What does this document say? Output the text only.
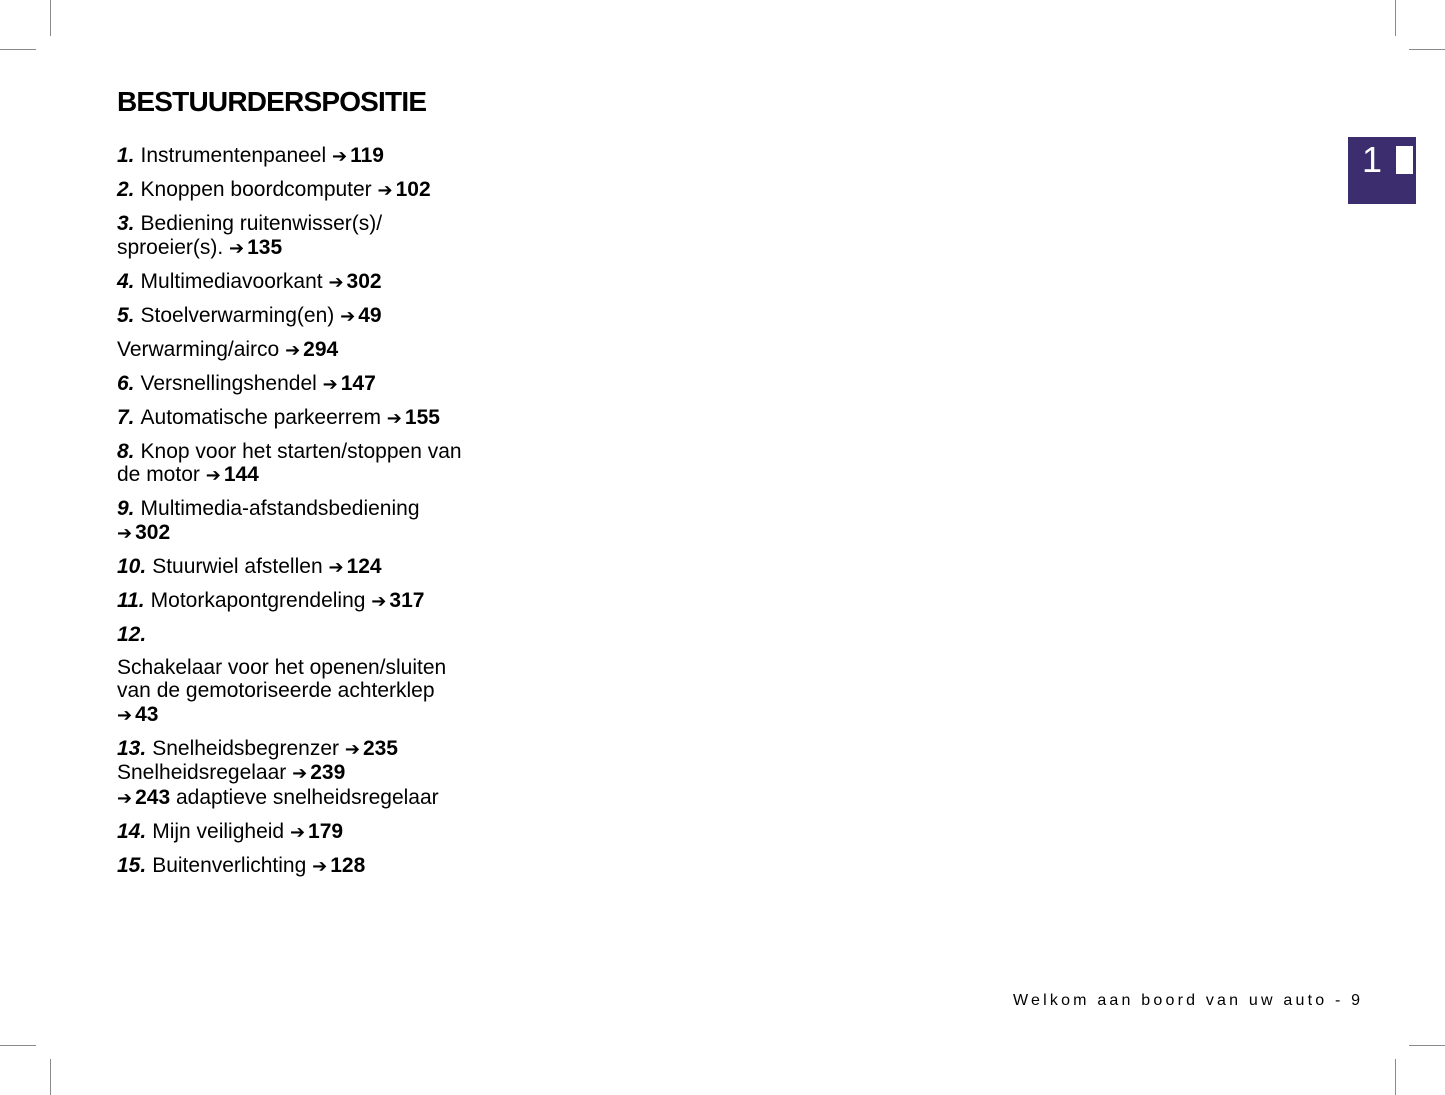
BESTUURDERSPOSITIE
1. Instrumentenpaneel ➔ 119
2. Knoppen boordcomputer ➔ 102
3. Bediening ruitenwisser(s)/
sproeier(s). ➔ 135
4. Multimediavoorkant ➔ 302
5. Stoelverwarming(en) ➔ 49
Verwarming/airco ➔ 294
6. Versnellingshendel ➔ 147
7. Automatische parkeerrem ➔ 155
8. Knop voor het starten/stoppen van
de motor ➔ 144
9. Multimedia-afstandsbediening
➔ 302
10. Stuurwiel afstellen ➔ 124
11. Motorkapontgrendeling ➔ 317
12.
Schakelaar voor het openen/sluiten
van de gemotoriseerde achterklep
➔ 43
13. Snelheidsbegrenzer ➔ 235
Snelheidsregelaar ➔ 239
➔ 243 adaptieve snelheidsregelaar
14. Mijn veiligheid ➔ 179
15. Buitenverlichting ➔ 128
1
Welkom aan boord van uw auto - 9
